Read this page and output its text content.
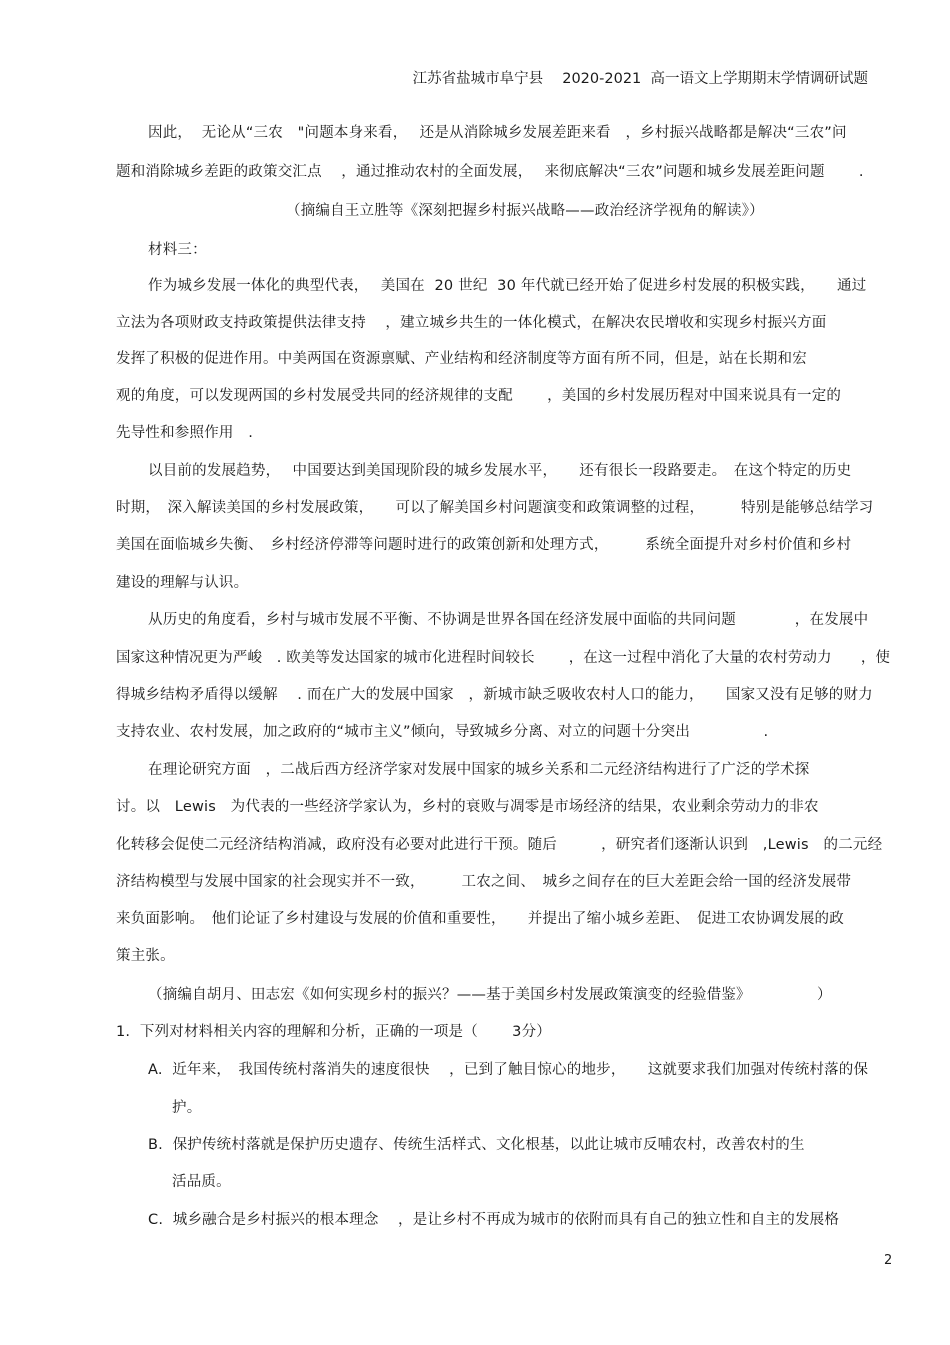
江苏省盐城市阜宁县　 2020-2021  高一语文上学期期末学情调研试题
因此，  无论从“三农　"问题本身来看，　 还是从消除城乡发展差距来看　，乡村振兴战略都是解决“三农”问
题和消除城乡差距的政策交汇点　 ，通过推动农村的全面发展，　 来彻底解决“三农”问题和城乡发展差距问题　　 .
（摘编自王立胜等《深刻把握乡村振兴战略——政治经济学视角的解读》）
材料三：
作为城乡发展一体化的典型代表，　 美国在  20 世纪  30 年代就已经开始了促进乡村发展的积极实践，　　通过
立法为各项财政支持政策提供法律支持　 ，建立城乡共生的一体化模式，在解决农民增收和实现乡村振兴方面
发挥了积极的促进作用。中美两国在资源禀赋、产业结构和经济制度等方面有所不同，但是，站在长期和宏
观的角度，可以发现两国的乡村发展受共同的经济规律的支配　　 ，美国的乡村发展历程对中国来说具有一定的
先导性和参照作用　.
以目前的发展趋势，　 中国要达到美国现阶段的城乡发展水平，　　还有很长一段路要走。　在这个特定的历史
时期，　深入解读美国的乡村发展政策，　　可以了解美国乡村问题演变和政策调整的过程，　　　特别是能够总结学习
美国在面临城乡失衡、　乡村经济停滞等问题时进行的政策创新和处理方式，　　　系统全面提升对乡村价值和乡村
建设的理解与认识。
从历史的角度看，乡村与城市发展不平衡、不协调是世界各国在经济发展中面临的共同问题　　　　，在发展中
国家这种情况更为严峻　. 欧美等发达国家的城市化进程时间较长　　 ，在这一过程中消化了大量的农村劳动力　　，使
得城乡结构矛盾得以缓解　 . 而在广大的发展中国家　，新城市缺乏吸收农村人口的能力，　　国家又没有足够的财力
支持农业、农村发展，加之政府的“城市主义”倾向，导致城乡分离、对立的问题十分突出　　　　　.
在理论研究方面　，二战后西方经济学家对发展中国家的城乡关系和二元经济结构进行了广泛的学术探
讨。以　Lewis　为代表的一些经济学家认为，乡村的衰败与凋零是市场经济的结果，农业剩余劳动力的非农
化转移会促使二元经济结构消减，政府没有必要对此进行干预。随后　　　，研究者们逐渐认识到　,Lewis　的二元经
济结构模型与发展中国家的社会现实并不一致，　　　工农之间、　城乡之间存在的巨大差距会给一国的经济发展带
来负面影响。　他们论证了乡村建设与发展的价值和重要性，　　并提出了缩小城乡差距、　促进工农协调发展的政
策主张。
（摘编自胡月、田志宏《如何实现乡村的振兴？——基于美国乡村发展政策演变的经验借鉴》　　　　　）
1.  下列对材料相关内容的理解和分析，正确的一项是（　　 3分）
A.  近年来，　我国传统村落消失的速度很快　 ，已到了触目惊心的地步，　　这就要求我们加强对传统村落的保
护。
B.  保护传统村落就是保护历史遗存、传统生活样式、文化根基，以此让城市反哺农村，改善农村的生
活品质。
C.  城乡融合是乡村振兴的根本理念　 ，是让乡村不再成为城市的依附而具有自己的独立性和自主的发展格
2
